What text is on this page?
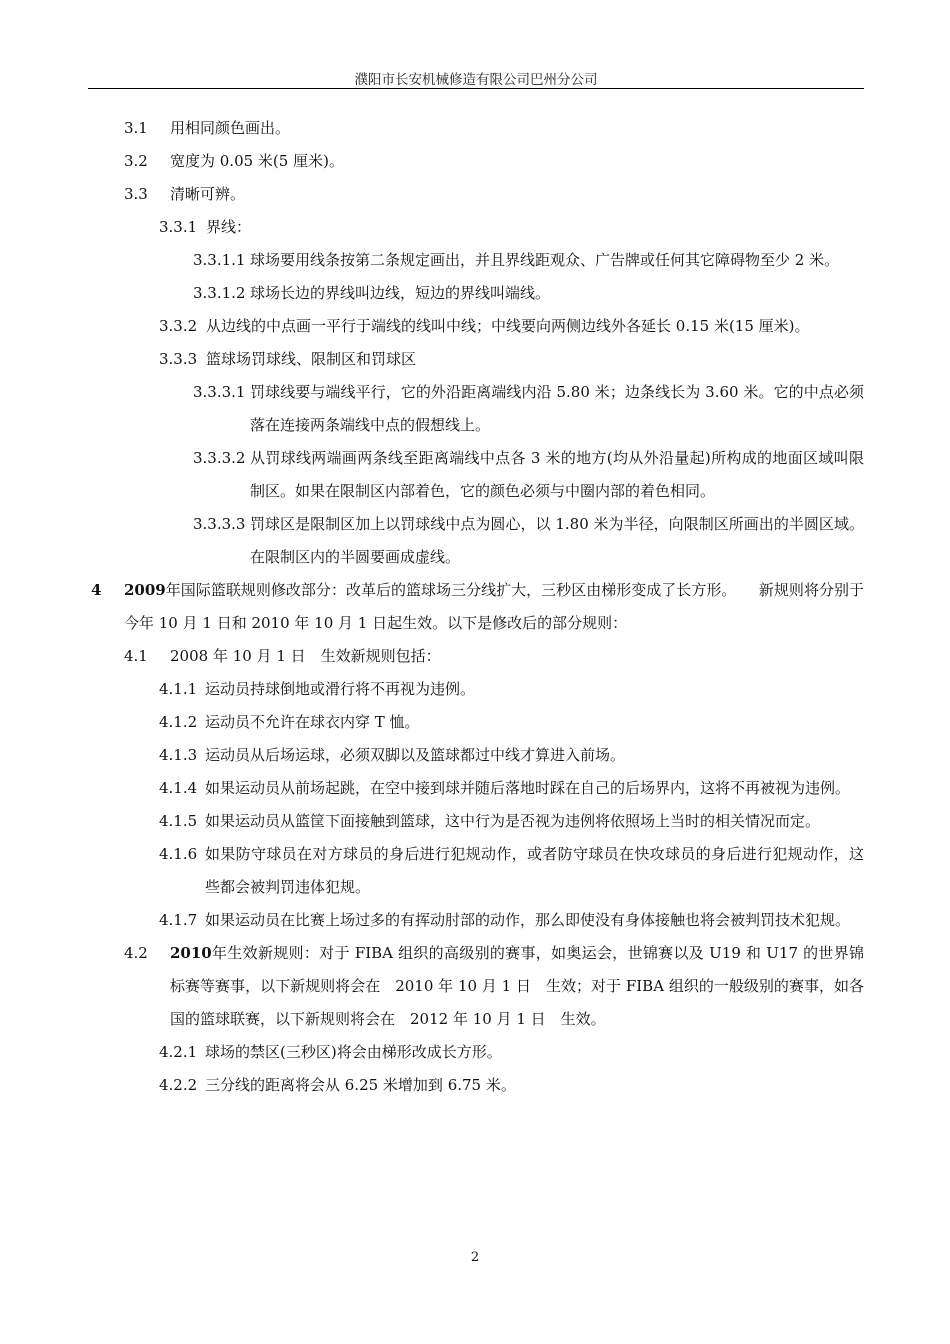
濮阳市长安机械修造有限公司巴州分公司
3.1 用相同颜色画出。
3.2 宽度为 0.05 米(5 厘米)。
3.3 清晰可辨。
3.3.1 界线：
3.3.1.1 球场要用线条按第二条规定画出，并且界线距观众、广告牌或任何其它障碍物至少 2 米。
3.3.1.2 球场长边的界线叫边线，短边的界线叫端线。
3.3.2 从边线的中点画一平行于端线的线叫中线；中线要向两侧边线外各延长 0.15 米(15 厘米)。
3.3.3 篮球场罚球线、限制区和罚球区
3.3.3.1 罚球线要与端线平行，它的外沿距离端线内沿 5.80 米；边条线长为 3.60 米。它的中点必须落在连接两条端线中点的假想线上。
3.3.3.2 从罚球线两端画两条线至距离端线中点各 3 米的地方(均从外沿量起)所构成的地面区域叫限制区。如果在限制区内部着色，它的颜色必须与中圈内部的着色相同。
3.3.3.3 罚球区是限制区加上以罚球线中点为圆心，以 1.80 米为半径，向限制区所画出的半圆区域。在限制区内的半圆要画成虚线。
4 2009年国际篮联规则修改部分：改革后的篮球场三分线扩大，三秒区由梯形变成了长方形。　　新规则将分别于今年 10 月 1 日和 2010 年 10 月 1 日起生效。以下是修改后的部分规则：
4.1 2008 年 10 月 1 日　生效新规则包括：
4.1.1 运动员持球倒地或滑行将不再视为违例。
4.1.2 运动员不允许在球衣内穿 T 恤。
4.1.3 运动员从后场运球，必须双脚以及篮球都过中线才算进入前场。
4.1.4 如果运动员从前场起跳，在空中接到球并随后落地时踩在自己的后场界内，这将不再被视为违例。
4.1.5 如果运动员从篮筐下面接触到篮球，这中行为是否视为违例将依照场上当时的相关情况而定。
4.1.6 如果防守球员在对方球员的身后进行犯规动作，或者防守球员在快攻球员的身后进行犯规动作，这些都会被判罚违体犯规。
4.1.7 如果运动员在比赛上场过多的有挥动肘部的动作，那么即使没有身体接触也将会被判罚技术犯规。
4.2 2010年生效新规则：对于 FIBA 组织的高级别的赛事，如奥运会，世锦赛以及 U19 和 U17 的世界锦标赛等赛事，以下新规则将会在　2010 年 10 月 1 日　生效；对于 FIBA 组织的一般级别的赛事，如各国的篮球联赛，以下新规则将会在　2012 年 10 月 1 日　生效。
4.2.1 球场的禁区(三秒区)将会由梯形改成长方形。
4.2.2 三分线的距离将会从 6.25 米增加到 6.75 米。
2
